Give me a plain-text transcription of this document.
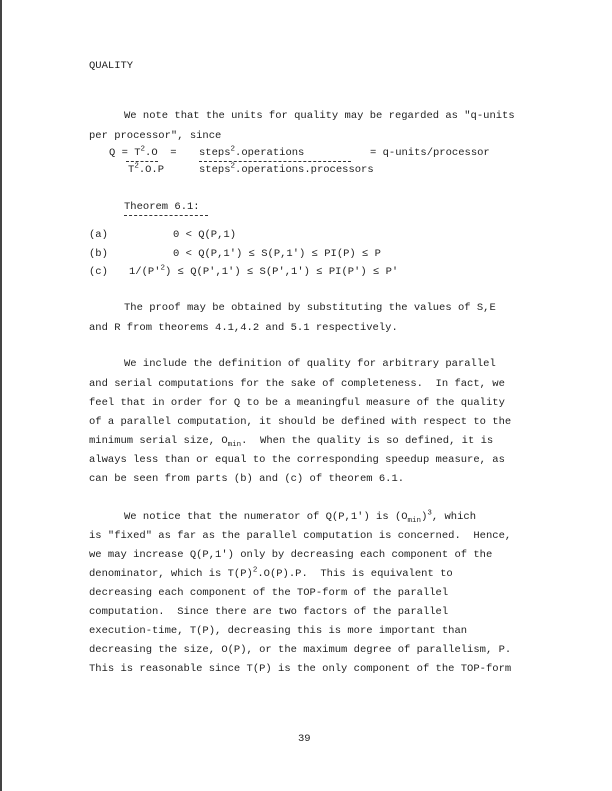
QUALITY
We note that the units for quality may be regarded as "q-units
per processor", since
$Q = T^2.O$  = steps$^2$.operations	= q-units/processor
$T^2.O.P$	steps$^2$.operations.processors
Theorem 6.1:
(a)	0 < Q(P,1)
(b)	0 < Q(P,1') ≤ S(P,1') ≤ PI(P) ≤ P
(c) $1/(P'^2) \le Q(P',1') \le S(P',1') \le PI(P') \le P'$
The proof may be obtained by substituting the values of S,E
and R from theorems 4.1,4.2 and 5.1 respectively.
We include the definition of quality for arbitrary parallel
and serial computations for the sake of completeness.  In fact, we
feel that in order for Q to be a meaningful measure of the quality
of a parallel computation, it should be defined with respect to the
minimum serial size, $O_{min}$.  When the quality is so defined, it is
always less than or equal to the corresponding speedup measure, as
can be seen from parts (b) and (c) of theorem 6.1.
We notice that the numerator of Q(P,1') is $(O_{min})^3$, which
is "fixed" as far as the parallel computation is concerned.  Hence,
we may increase Q(P,1') only by decreasing each component of the
denominator, which is $T(P)^2.O(P).P$.  This is equivalent to
decreasing each component of the TOP-form of the parallel
computation.  Since there are two factors of the parallel
execution-time, T(P), decreasing this is more important than
decreasing the size, O(P), or the maximum degree of parallelism, P.
This is reasonable since T(P) is the only component of the TOP-form
39
